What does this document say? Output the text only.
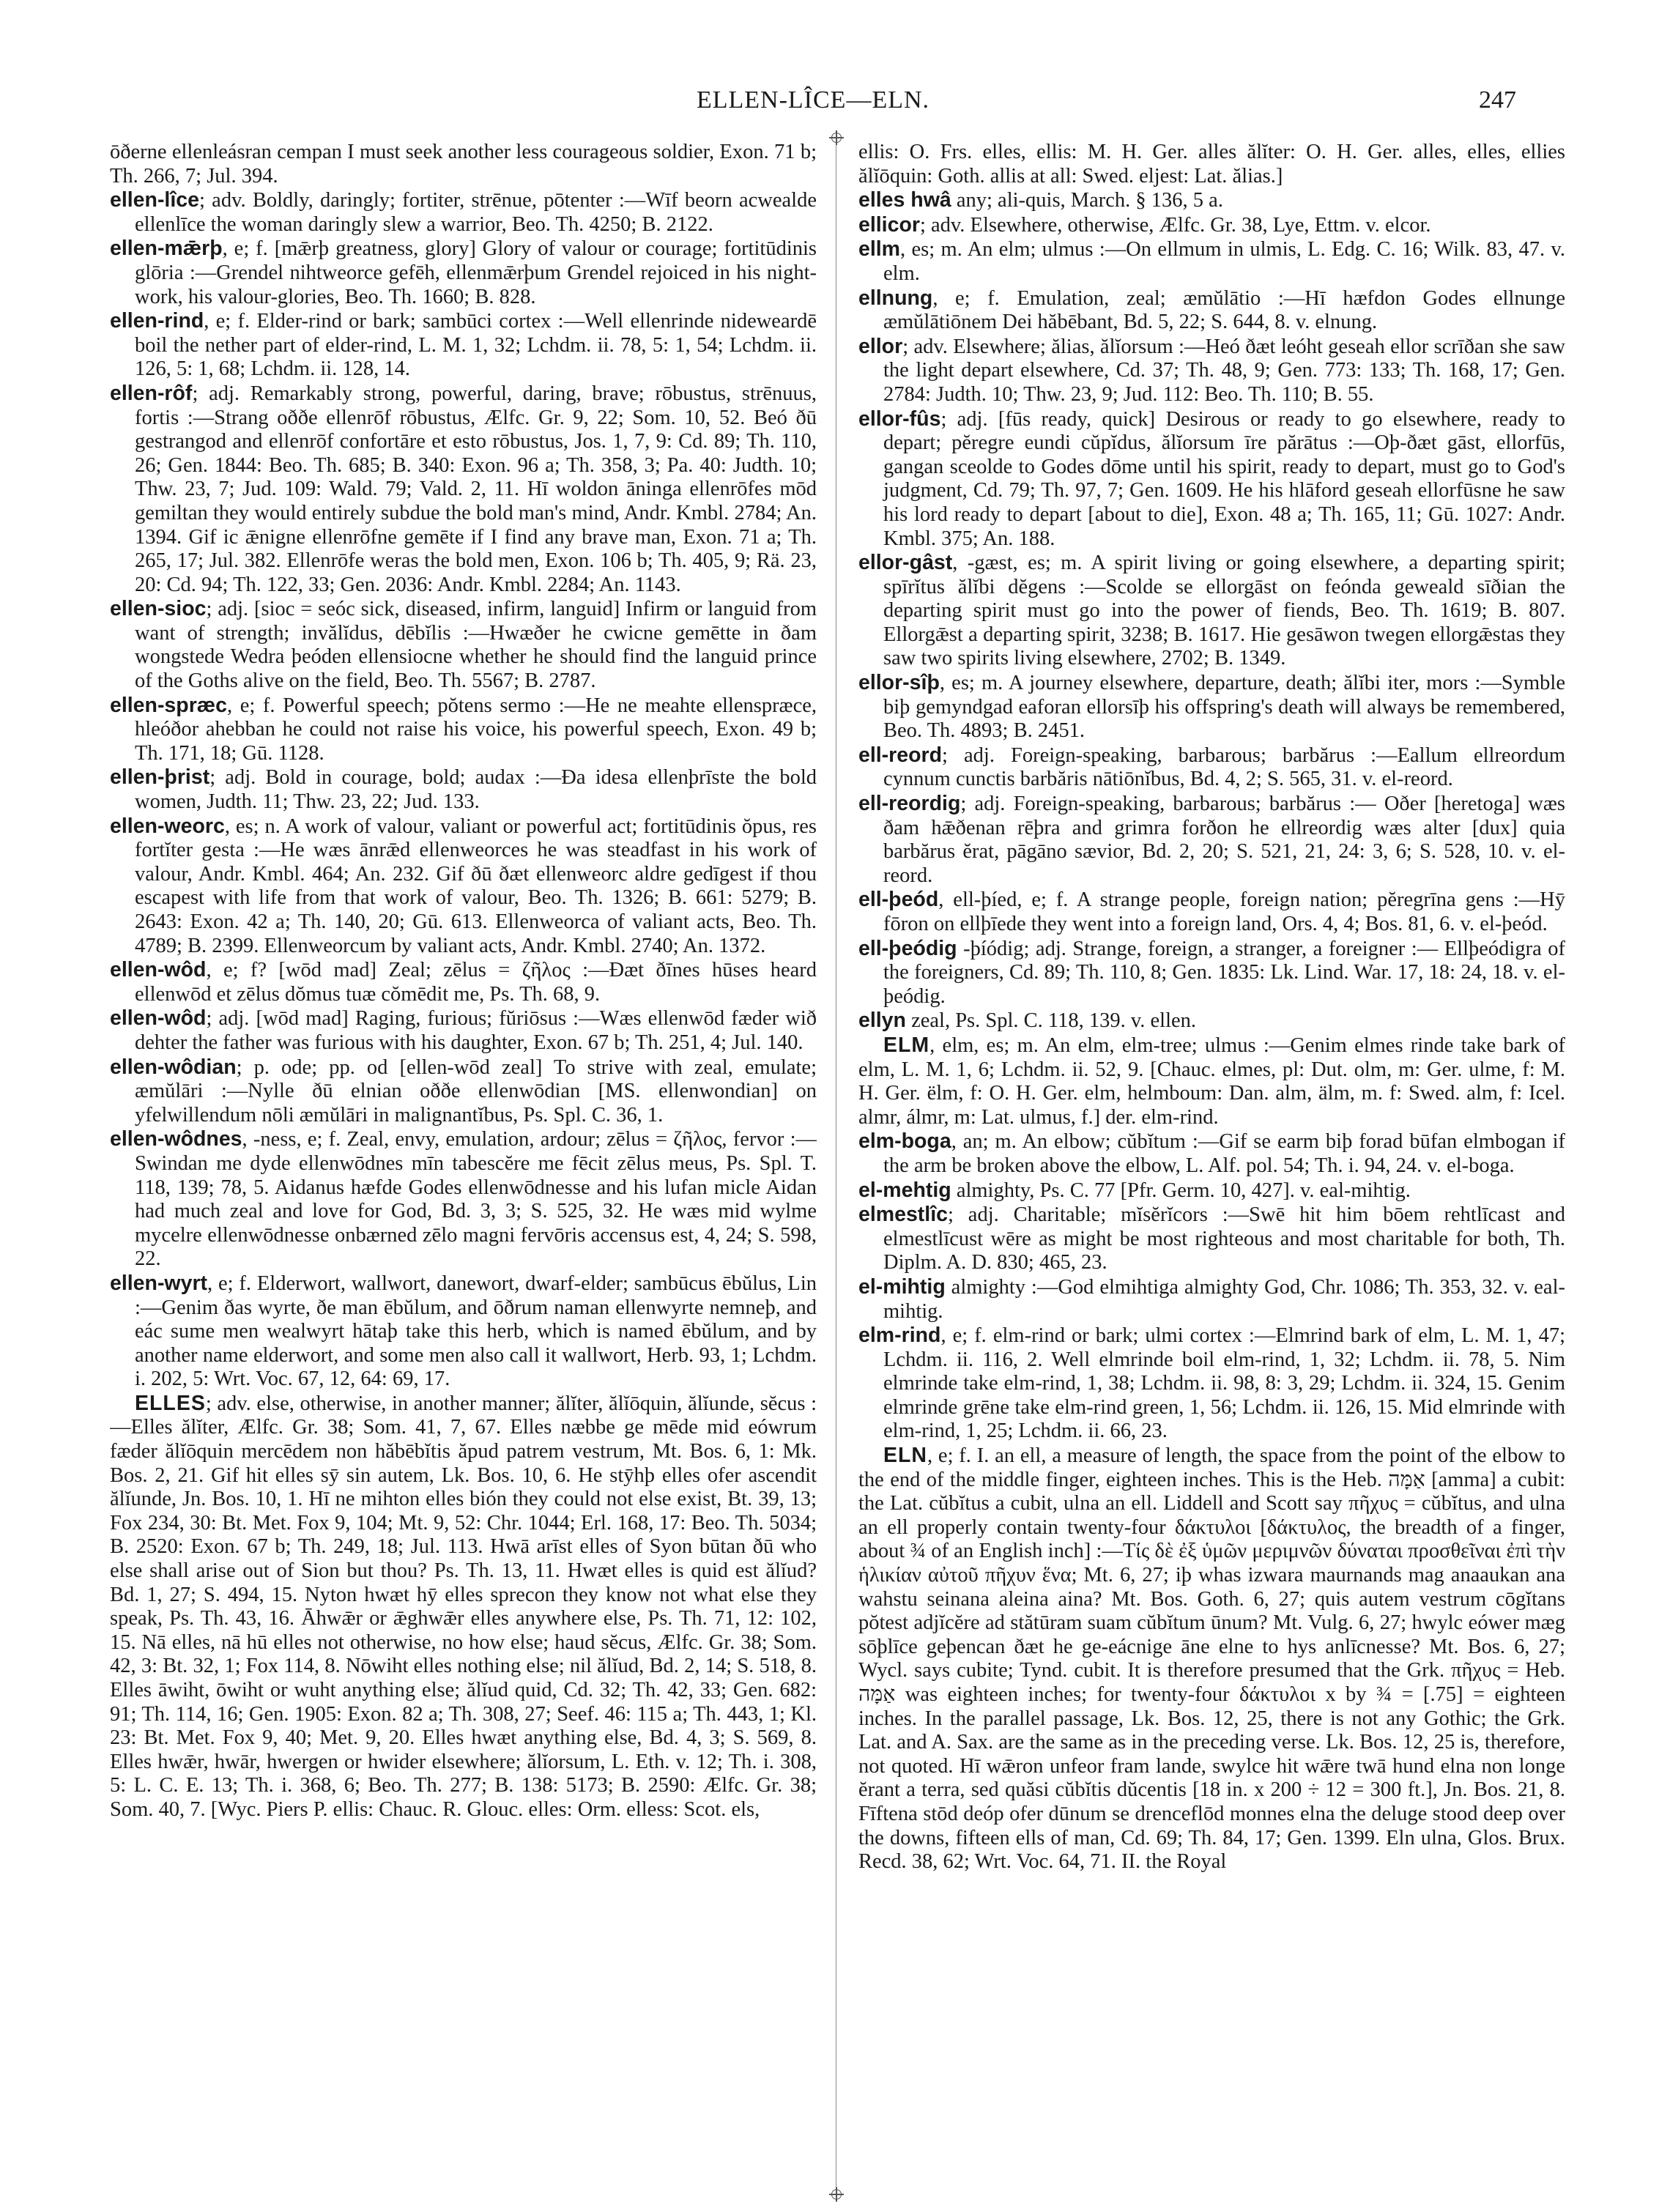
ELLEN-LÎCE—ELN.	247

ōðerne ellenleásran cempan I must seek another less courageous soldier, Exon. 71 b; Th. 266, 7; Jul. 394.

ellen-lîce; adv. Boldly, daringly; fortiter, strēnue, pōtenter :—Wīf beorn acwealde ellenlīce the woman daringly slew a warrior, Beo. Th. 4250; B. 2122.

ellen-mǣrþ, e; f. [mǣrþ greatness, glory] Glory of valour or courage; fortitūdinis glōria :—Grendel nihtweorce gefēh, ellenmǣrþum Grendel rejoiced in his night-work, his valour-glories, Beo. Th. 1660; B. 828.

ellen-rind, e; f. Elder-rind or bark; sambūci cortex :—Well ellenrinde nideweardē boil the nether part of elder-rind, L. M. 1, 32; Lchdm. ii. 78, 5: 1, 54; Lchdm. ii. 126, 5: 1, 68; Lchdm. ii. 128, 14.

ellen-rôf; adj. Remarkably strong, powerful, daring, brave; rōbustus, strēnuus, fortis :—Strang oððe ellenrōf rōbustus, Ælfc. Gr. 9, 22; Som. 10, 52. Beó ðū gestrangod and ellenrōf confortāre et esto rōbustus, Jos. 1, 7, 9: Cd. 89; Th. 110, 26; Gen. 1844: Beo. Th. 685; B. 340: Exon. 96 a; Th. 358, 3; Pa. 40: Judth. 10; Thw. 23, 7; Jud. 109: Wald. 79; Vald. 2, 11. Hī woldon āninga ellenrōfes mōd gemiltan they would entirely subdue the bold man's mind, Andr. Kmbl. 2784; An. 1394. Gif ic ǣnigne ellenrōfne gemēte if I find any brave man, Exon. 71 a; Th. 265, 17; Jul. 382. Ellenrōfe weras the bold men, Exon. 106 b; Th. 405, 9; Rä. 23, 20: Cd. 94; Th. 122, 33; Gen. 2036: Andr. Kmbl. 2284; An. 1143.

ellen-sioc; adj. [sioc = seóc sick, diseased, infirm, languid] Infirm or languid from want of strength; invălĭdus, dēbĭlis :—Hwæðer he cwicne gemētte in ðam wongstede Wedra þeóden ellensiocne whether he should find the languid prince of the Goths alive on the field, Beo. Th. 5567; B. 2787.

ellen-spræc, e; f. Powerful speech; pŏtens sermo :—He ne meahte ellenspræce, hleóðor ahebban he could not raise his voice, his powerful speech, Exon. 49 b; Th. 171, 18; Gū. 1128.

ellen-þrist; adj. Bold in courage, bold; audax :—Ða idesa ellenþrīste the bold women, Judth. 11; Thw. 23, 22; Jud. 133.

ellen-weorc, es; n. A work of valour, valiant or powerful act; fortitūdinis ŏpus, res fortĭter gesta :—He wæs ānrǣd ellenweorces he was steadfast in his work of valour, Andr. Kmbl. 464; An. 232. Gif ðū ðæt ellenweorc aldre gedīgest if thou escapest with life from that work of valour, Beo. Th. 1326; B. 661: 5279; B. 2643: Exon. 42 a; Th. 140, 20; Gū. 613. Ellenweorca of valiant acts, Beo. Th. 4789; B. 2399. Ellenweorcum by valiant acts, Andr. Kmbl. 2740; An. 1372.

ellen-wôd, e; f? [wōd mad] Zeal; zēlus = ζῆλος :—Ðæt ðīnes hūses heard ellenwōd et zēlus dŏmus tuæ cŏmēdit me, Ps. Th. 68, 9.

ellen-wôd; adj. [wōd mad] Raging, furious; fŭriōsus :—Wæs ellenwōd fæder wið dehter the father was furious with his daughter, Exon. 67 b; Th. 251, 4; Jul. 140.

ellen-wôdian; p. ode; pp. od [ellen-wōd zeal] To strive with zeal, emulate; æmŭlāri :—Nylle ðū elnian oððe ellenwōdian [MS. ellenwondian] on yfelwillendum nōli æmŭlāri in malignantĭbus, Ps. Spl. C. 36, 1.

ellen-wôdnes, -ness, e; f. Zeal, envy, emulation, ardour; zēlus = ζῆλος, fervor :—Swindan me dyde ellenwōdnes mīn tabescĕre me fēcit zēlus meus, Ps. Spl. T. 118, 139; 78, 5. Aidanus hæfde Godes ellenwōdnesse and his lufan micle Aidan had much zeal and love for God, Bd. 3, 3; S. 525, 32. He wæs mid wylme mycelre ellenwōdnesse onbærned zēlo magni fervōris accensus est, 4, 24; S. 598, 22.

ellen-wyrt, e; f. Elderwort, wallwort, danewort, dwarf-elder; sambūcus ēbŭlus, Lin :—Genim ðas wyrte, ðe man ēbŭlum, and ōðrum naman ellenwyrte nemneþ, and eác sume men wealwyrt hātaþ take this herb, which is named ēbŭlum, and by another name elderwort, and some men also call it wallwort, Herb. 93, 1; Lchdm. i. 202, 5: Wrt. Voc. 67, 12, 64: 69, 17.

ELLES; adv. else, otherwise, in another manner; ălĭter, ălĭōquin, ălĭunde, sĕcus :—Elles ălĭter, Ælfc. Gr. 38; Som. 41, 7, 67. Elles næbbe ge mēde mid eówrum fæder ălĭōquin mercēdem non hăbēbĭtis ăpud patrem vestrum, Mt. Bos. 6, 1: Mk. Bos. 2, 21. Gif hit elles sȳ sin autem, Lk. Bos. 10, 6. He stȳhþ elles ofer ascendit ălĭunde, Jn. Bos. 10, 1. Hī ne mihton elles bión they could not else exist, Bt. 39, 13; Fox 234, 30: Bt. Met. Fox 9, 104; Mt. 9, 52: Chr. 1044; Erl. 168, 17: Beo. Th. 5034; B. 2520: Exon. 67 b; Th. 249, 18; Jul. 113. Hwā arīst elles of Syon būtan ðū who else shall arise out of Sion but thou? Ps. Th. 13, 11. Hwæt elles is quid est ălĭud? Bd. 1, 27; S. 494, 15. Nyton hwæt hȳ elles sprecon they know not what else they speak, Ps. Th. 43, 16. Āhwǣr or ǣghwǣr elles anywhere else, Ps. Th. 71, 12: 102, 15. Nā elles, nā hū elles not otherwise, no how else; haud sĕcus, Ælfc. Gr. 38; Som. 42, 3: Bt. 32, 1; Fox 114, 8. Nōwiht elles nothing else; nil ălĭud, Bd. 2, 14; S. 518, 8. Elles āwiht, ōwiht or wuht anything else; ălĭud quid, Cd. 32; Th. 42, 33; Gen. 682: 91; Th. 114, 16; Gen. 1905: Exon. 82 a; Th. 308, 27; Seef. 46: 115 a; Th. 443, 1; Kl. 23: Bt. Met. Fox 9, 40; Met. 9, 20. Elles hwæt anything else, Bd. 4, 3; S. 569, 8. Elles hwǣr, hwār, hwergen or hwider elsewhere; ălĭorsum, L. Eth. v. 12; Th. i. 308, 5: L. C. E. 13; Th. i. 368, 6; Beo. Th. 277; B. 138: 5173; B. 2590: Ælfc. Gr. 38; Som. 40, 7. [Wyc. Piers P. ellis: Chauc. R. Glouc. elles: Orm. elless: Scot. els,

ellis: O. Frs. elles, ellis: M. H. Ger. alles ălĭter: O. H. Ger. alles, elles, ellies ălĭōquin: Goth. allis at all: Swed. eljest: Lat. ălias.]

elles hwâ any; ali-quis, March. § 136, 5 a.

ellicor; adv. Elsewhere, otherwise, Ælfc. Gr. 38, Lye, Ettm. v. elcor.

ellm, es; m. An elm; ulmus :—On ellmum in ulmis, L. Edg. C. 16; Wilk. 83, 47. v. elm.

ellnung, e; f. Emulation, zeal; æmŭlātio :—Hī hæfdon Godes ellnunge æmŭlātiōnem Dei hăbēbant, Bd. 5, 22; S. 644, 8. v. elnung.

ellor; adv. Elsewhere; ălias, ălĭorsum :—Heó ðæt leóht geseah ellor scrīðan she saw the light depart elsewhere, Cd. 37; Th. 48, 9; Gen. 773: 133; Th. 168, 17; Gen. 2784: Judth. 10; Thw. 23, 9; Jud. 112: Beo. Th. 110; B. 55.

ellor-fûs; adj. [fūs ready, quick] Desirous or ready to go elsewhere, ready to depart; pĕregre eundi cŭpĭdus, ălĭorsum īre părātus :—Oþ-ðæt gāst, ellorfūs, gangan sceolde to Godes dōme until his spirit, ready to depart, must go to God's judgment, Cd. 79; Th. 97, 7; Gen. 1609. He his hlāford geseah ellorfūsne he saw his lord ready to depart [about to die], Exon. 48 a; Th. 165, 11; Gū. 1027: Andr. Kmbl. 375; An. 188.

ellor-gâst, -gæst, es; m. A spirit living or going elsewhere, a departing spirit; spīrĭtus ălĭbi dĕgens :—Scolde se ellorgāst on feónda geweald sīðian the departing spirit must go into the power of fiends, Beo. Th. 1619; B. 807. Ellorgǣst a departing spirit, 3238; B. 1617. Hie gesāwon twegen ellorgǣstas they saw two spirits living elsewhere, 2702; B. 1349.

ellor-sîþ, es; m. A journey elsewhere, departure, death; ălĭbi iter, mors :—Symble biþ gemyndgad eaforan ellorsīþ his offspring's death will always be remembered, Beo. Th. 4893; B. 2451.

ell-reord; adj. Foreign-speaking, barbarous; barbărus :—Eallum ellreordum cynnum cunctis barbăris nātiōnĭbus, Bd. 4, 2; S. 565, 31. v. el-reord.

ell-reordig; adj. Foreign-speaking, barbarous; barbărus :— Oðer [heretoga] wæs ðam hǣðenan rēþra and grimra forðon he ellreordig wæs alter [dux] quia barbărus ĕrat, pāgāno sævior, Bd. 2, 20; S. 521, 21, 24: 3, 6; S. 528, 10. v. el-reord.

ell-þeód, ell-þíed, e; f. A strange people, foreign nation; pĕregrīna gens :—Hȳ fōron on ellþīede they went into a foreign land, Ors. 4, 4; Bos. 81, 6. v. el-þeód.

ell-þeódig -þíódig; adj. Strange, foreign, a stranger, a foreigner :— Ellþeódigra of the foreigners, Cd. 89; Th. 110, 8; Gen. 1835: Lk. Lind. War. 17, 18: 24, 18. v. el-þeódig.

ellyn zeal, Ps. Spl. C. 118, 139. v. ellen.

ELM, elm, es; m. An elm, elm-tree; ulmus :—Genim elmes rinde take bark of elm, L. M. 1, 6; Lchdm. ii. 52, 9. [Chauc. elmes, pl: Dut. olm, m: Ger. ulme, f: M. H. Ger. ëlm, f: O. H. Ger. elm, helmboum: Dan. alm, älm, m. f: Swed. alm, f: Icel. almr, álmr, m: Lat. ulmus, f.] der. elm-rind.

elm-boga, an; m. An elbow; cŭbĭtum :—Gif se earm biþ forad būfan elmbogan if the arm be broken above the elbow, L. Alf. pol. 54; Th. i. 94, 24. v. el-boga.

el-mehtig almighty, Ps. C. 77 [Pfr. Germ. 10, 427]. v. eal-mihtig.

elmestlîc; adj. Charitable; mĭsĕrĭcors :—Swē hit him bōem rehtlīcast and elmestlīcust wēre as might be most righteous and most charitable for both, Th. Diplm. A. D. 830; 465, 23.

el-mihtig almighty :—God elmihtiga almighty God, Chr. 1086; Th. 353, 32. v. eal-mihtig.

elm-rind, e; f. elm-rind or bark; ulmi cortex :—Elmrind bark of elm, L. M. 1, 47; Lchdm. ii. 116, 2. Well elmrinde boil elm-rind, 1, 32; Lchdm. ii. 78, 5. Nim elmrinde take elm-rind, 1, 38; Lchdm. ii. 98, 8: 3, 29; Lchdm. ii. 324, 15. Genim elmrinde grēne take elm-rind green, 1, 56; Lchdm. ii. 126, 15. Mid elmrinde with elm-rind, 1, 25; Lchdm. ii. 66, 23.

ELN, e; f. I. an ell, a measure of length, the space from the point of the elbow to the end of the middle finger, eighteen inches. This is the Heb. אַמָּה [amma] a cubit: the Lat. cŭbĭtus a cubit, ulna an ell. Liddell and Scott say πῆχυς = cŭbĭtus, and ulna an ell properly contain twenty-four δάκτυλοι [δάκτυλος, the breadth of a finger, about ¾ of an English inch] :—Τίς δὲ ἐξ ὑμῶν μεριμνῶν δύναται προσθεῖναι ἐπὶ τὴν ἡλικίαν αὐτοῦ πῆχυν ἕνα; Mt. 6, 27; iþ whas izwara maurnands mag anaaukan ana wahstu seinana aleina aina? Mt. Bos. Goth. 6, 27; quis autem vestrum cōgĭtans pŏtest adjĭcĕre ad stătūram suam cŭbĭtum ūnum? Mt. Vulg. 6, 27; hwylc eówer mæg sōþlīce geþencan ðæt he ge-eácnige āne elne to hys anlīcnesse? Mt. Bos. 6, 27; Wycl. says cubite; Tynd. cubit. It is therefore presumed that the Grk. πῆχυς = Heb. אַמָּה was eighteen inches; for twenty-four δάκτυλοι x by ¾ = [.75] = eighteen inches. In the parallel passage, Lk. Bos. 12, 25, there is not any Gothic; the Grk. Lat. and A. Sax. are the same as in the preceding verse. Lk. Bos. 12, 25 is, therefore, not quoted. Hī wǣron unfeor fram lande, swylce hit wǣre twā hund elna non longe ĕrant a terra, sed quăsi cŭbĭtis dŭcentis [18 in. x 200 ÷ 12 = 300 ft.], Jn. Bos. 21, 8. Fīftena stōd deóp ofer dūnum se drenceflōd monnes elna the deluge stood deep over the downs, fifteen ells of man, Cd. 69; Th. 84, 17; Gen. 1399. Eln ulna, Glos. Brux. Recd. 38, 62; Wrt. Voc. 64, 71. II. the Royal
